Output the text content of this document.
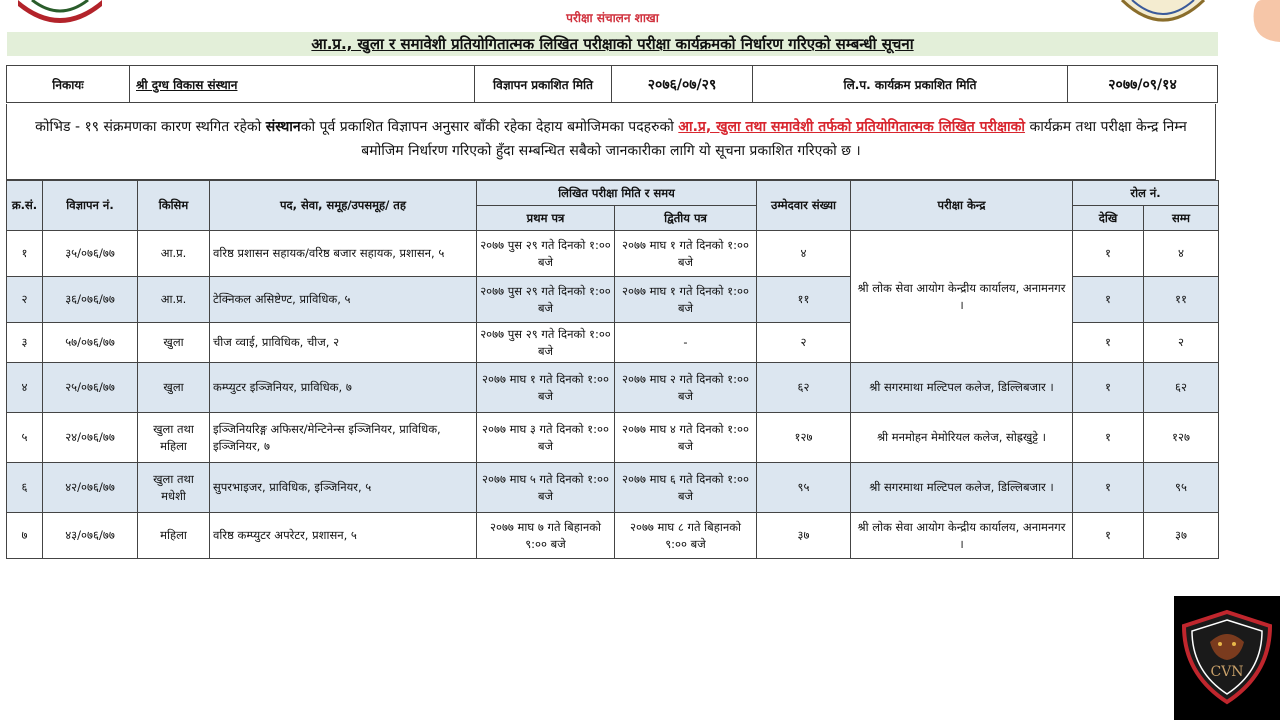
परीक्षा संचालन शाखा
आ.प्र., खुला र समावेशी प्रतियोगितात्मक लिखित परीक्षाको परीक्षा कार्यक्रमको निर्धारण गरिएको सम्बन्धी सूचना
निकायः	श्री दुग्ध विकास संस्थान	विज्ञापन प्रकाशित मिति	२०७६/०७/२९	लि.प. कार्यक्रम प्रकाशित मिति	२०७७/०९/१४
कोभिड - १९ संक्रमणका कारण स्थगित रहेको संस्थानको पूर्व प्रकाशित विज्ञापन अनुसार बाँकी रहेका देहाय बमोजिमका पदहरुको आ.प्र, खुला तथा समावेशी तर्फको प्रतियोगितात्मक लिखित परीक्षाको कार्यक्रम तथा परीक्षा केन्द्र निम्न बमोजिम निर्धारण गरिएको हुँदा सम्बन्धित सबैको जानकारीका लागि यो सूचना प्रकाशित गरिएको छ ।
क्र.सं.	विज्ञापन नं.	किसिम	पद, सेवा, समूह/उपसमूह/ तह	लिखित परीक्षा मिति र समय		उम्मेदवार संख्या	परीक्षा केन्द्र	रोल नं.	
				प्रथम पत्र	द्वितीय पत्र			देखि	सम्म
१	३५/०७६/७७	आ.प्र.	वरिष्ठ प्रशासन सहायक/वरिष्ठ बजार सहायक, प्रशासन, ५	२०७७ पुस २९ गते दिनको १:०० बजे	२०७७ माघ १ गते दिनको १:०० बजे	४	श्री लोक सेवा आयोग केन्द्रीय कार्यालय, अनामनगर ।	१	४
२	३६/०७६/७७	आ.प्र.	टेक्निकल असिष्टेण्ट, प्राविधिक, ५	२०७७ पुस २९ गते दिनको १:०० बजे	२०७७ माघ १ गते दिनको १:०० बजे	११		१	११
३	५७/०७६/७७	खुला	चीज व्वाई, प्राविधिक, चीज, २	२०७७ पुस २९ गते दिनको १:०० बजे	-	२		१	२
४	२५/०७६/७७	खुला	कम्प्युटर इञ्जिनियर, प्राविधिक, ७	२०७७ माघ १ गते दिनको १:०० बजे	२०७७ माघ २ गते दिनको १:०० बजे	६२	श्री सगरमाथा मल्टिपल कलेज, डिल्लिबजार ।	१	६२
५	२४/०७६/७७	खुला तथा महिला	इञ्जिनियरिङ्ग अफिसर/मेन्टिनेन्स इञ्जिनियर, प्राविधिक, इञ्जिनियर, ७	२०७७ माघ ३ गते दिनको १:०० बजे	२०७७ माघ ४ गते दिनको १:०० बजे	१२७	श्री मनमोहन मेमोरियल कलेज, सोह्रखुट्टे ।	१	१२७
६	४२/०७६/७७	खुला तथा मधेशी	सुपरभाइजर, प्राविधिक, इञ्जिनियर, ५	२०७७ माघ ५ गते दिनको १:०० बजे	२०७७ माघ ६ गते दिनको १:०० बजे	९५	श्री सगरमाथा मल्टिपल कलेज, डिल्लिबजार ।	१	९५
७	४३/०७६/७७	महिला	वरिष्ठ कम्प्युटर अपरेटर, प्रशासन, ५	२०७७ माघ ७ गते बिहानको ९:०० बजे	२०७७ माघ ८ गते बिहानको ९:०० बजे	३७	श्री लोक सेवा आयोग केन्द्रीय कार्यालय, अनामनगर ।	१	३७
CVN
